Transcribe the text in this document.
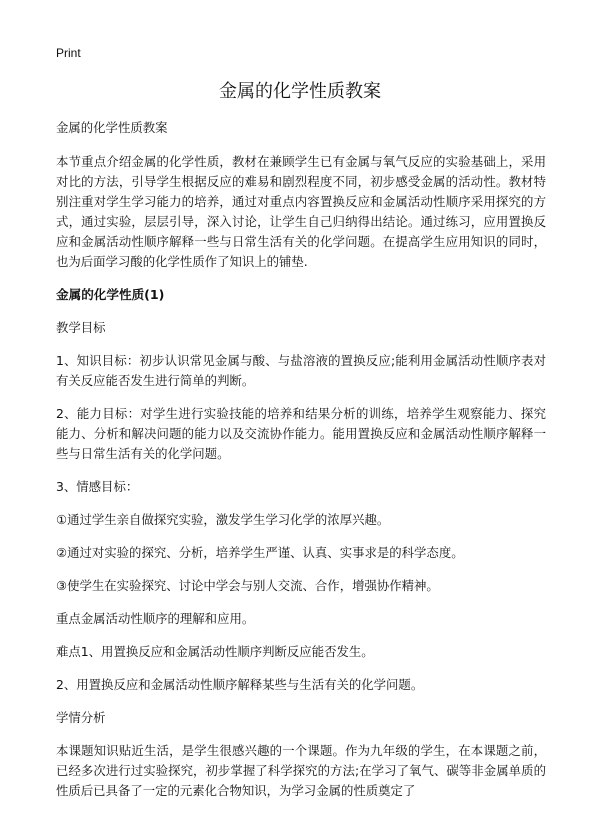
Print
金属的化学性质教案

金属的化学性质教案

本节重点介绍金属的化学性质，教材在兼顾学生已有金属与氧气反应的实验基础上，采用对比的方法，引导学生根据反应的难易和剧烈程度不同，初步感受金属的活动性。教材特别注重对学生学习能力的培养，通过对重点内容置换反应和金属活动性顺序采用探究的方式，通过实验，层层引导，深入讨论，让学生自己归纳得出结论。通过练习，应用置换反应和金属活动性顺序解释一些与日常生活有关的化学问题。在提高学生应用知识的同时，也为后面学习酸的化学性质作了知识上的铺垫.

金属的化学性质(1)

教学目标

1、知识目标：初步认识常见金属与酸、与盐溶液的置换反应;能利用金属活动性顺序表对有关反应能否发生进行简单的判断。

2、能力目标：对学生进行实验技能的培养和结果分析的训练，培养学生观察能力、探究能力、分析和解决问题的能力以及交流协作能力。能用置换反应和金属活动性顺序解释一些与日常生活有关的化学问题。

3、情感目标：

①通过学生亲自做探究实验，激发学生学习化学的浓厚兴趣。

②通过对实验的探究、分析，培养学生严谨、认真、实事求是的科学态度。

③使学生在实验探究、讨论中学会与别人交流、合作，增强协作精神。

重点金属活动性顺序的理解和应用。

难点1、用置换反应和金属活动性顺序判断反应能否发生。

2、用置换反应和金属活动性顺序解释某些与生活有关的化学问题。

学情分析

本课题知识贴近生活，是学生很感兴趣的一个课题。作为九年级的学生，在本课题之前，已经多次进行过实验探究，初步掌握了科学探究的方法;在学习了氧气、碳等非金属单质的性质后已具备了一定的元素化合物知识，为学习金属的性质奠定了
